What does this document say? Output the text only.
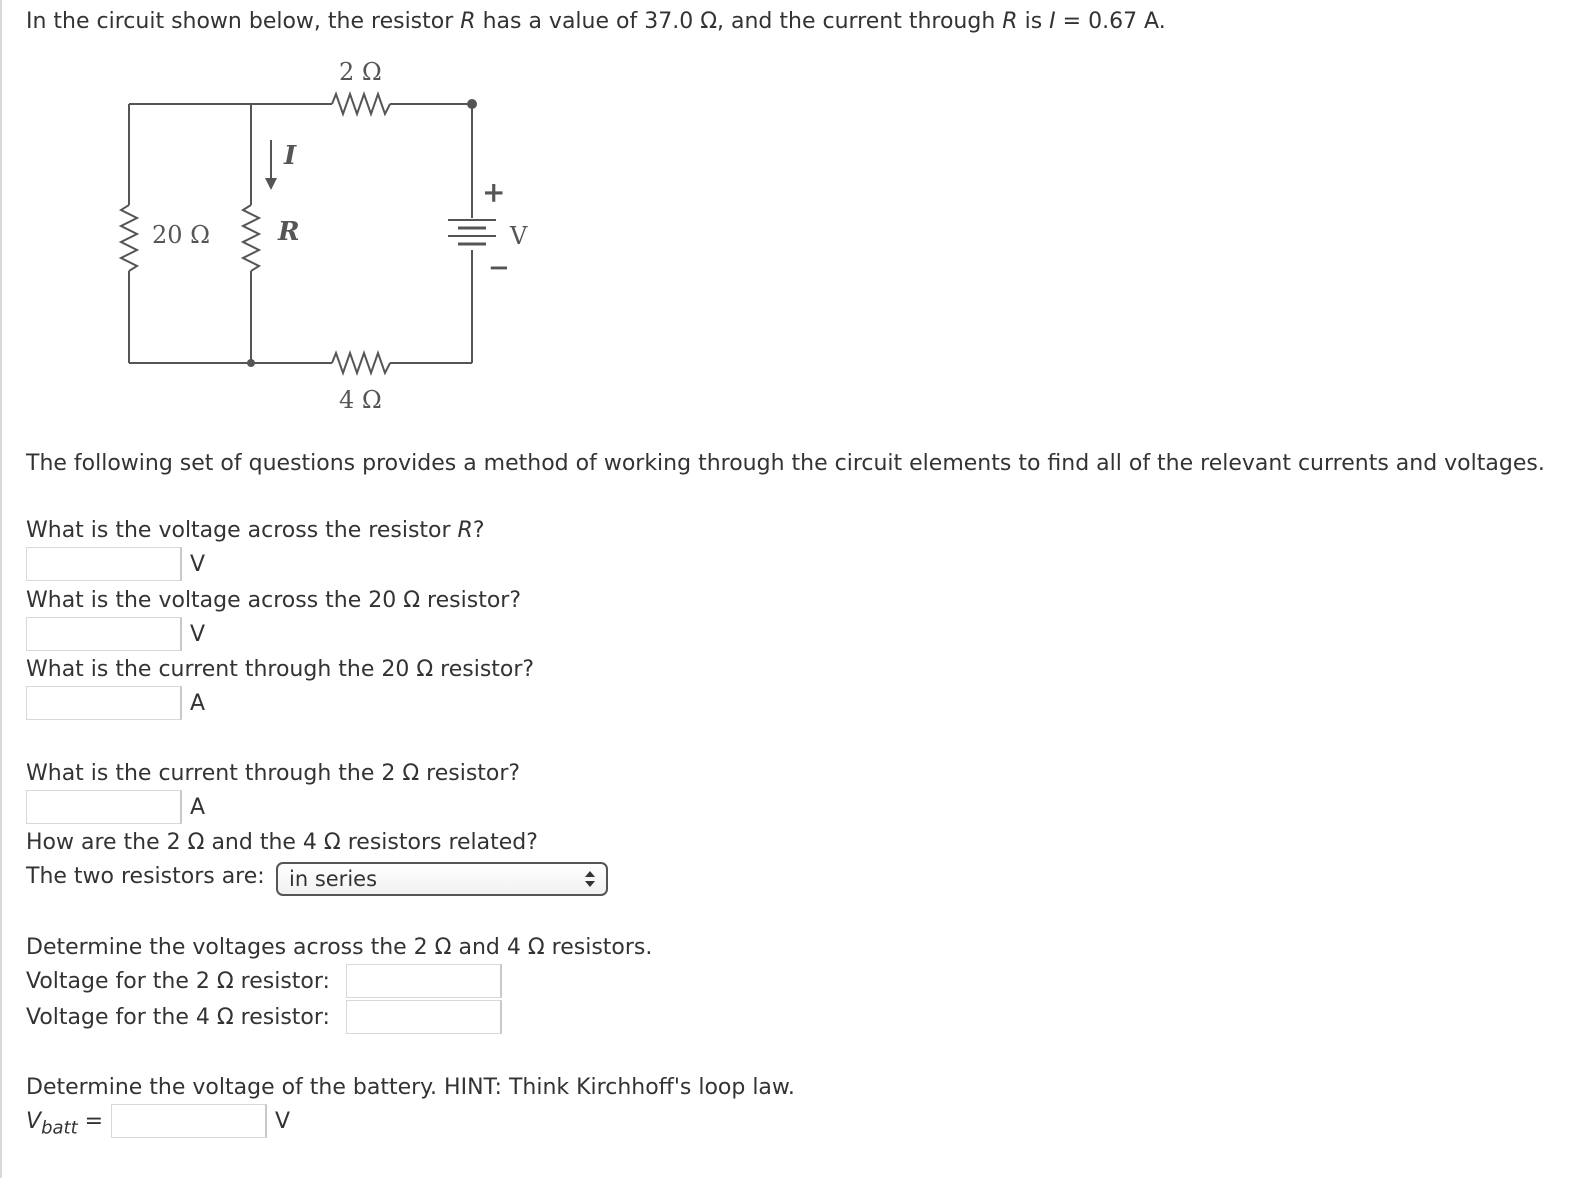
In the circuit shown below, the resistor R has a value of 37.0 Ω, and the current through R is I = 0.67 A.
2 Ω
4 Ω
20 Ω	R
I
V
+
−
The following set of questions provides a method of working through the circuit elements to find all of the relevant currents and voltages.
What is the voltage across the resistor R?
V
What is the voltage across the 20 Ω resistor?
V
What is the current through the 20 Ω resistor?
A
What is the current through the 2 Ω resistor?
A
How are the 2 Ω and the 4 Ω resistors related?
The two resistors are:	in series
Determine the voltages across the 2 Ω and 4 Ω resistors.
Voltage for the 2 Ω resistor:
Voltage for the 4 Ω resistor:
Determine the voltage of the battery. HINT: Think Kirchhoff's loop law.
$V_{batt}$ =	V
